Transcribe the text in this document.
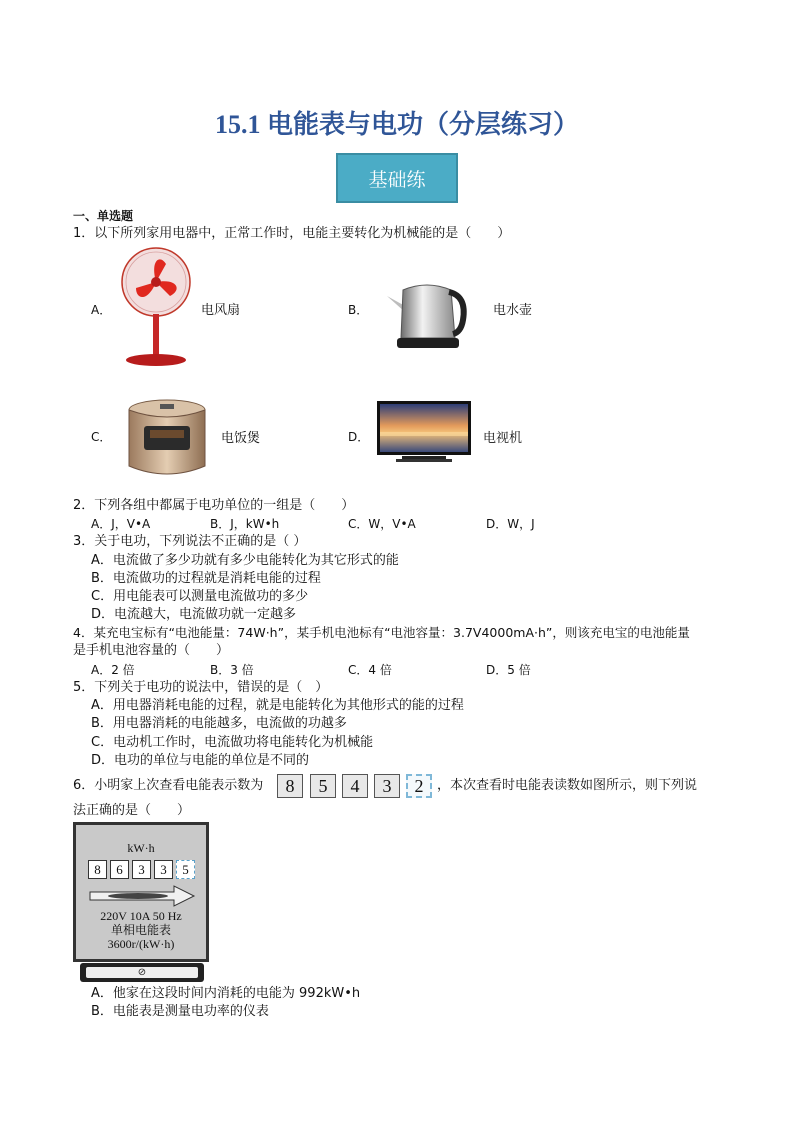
15.1 电能表与电功（分层练习）
基础练
一、单选题
1．以下所列家用电器中，正常工作时，电能主要转化为机械能的是（　　）
A．	电风扇	B．	电水壶
C．	电饭煲	D．	电视机
2．下列各组中都属于电功单位的一组是（　　）
A．J，V•A	B．J，kW•h	C．W，V•A	D．W，J
3．关于电功，下列说法不正确的是（ ）
A．电流做了多少功就有多少电能转化为其它形式的能
B．电流做功的过程就是消耗电能的过程
C．用电能表可以测量电流做功的多少
D．电流越大，电流做功就一定越多
4．某充电宝标有“电池能量：74W·h”，某手机电池标有“电池容量：3.7V4000mA·h”，则该充电宝的电池能量
是手机电池容量的（　　）
A．2 倍	B．3 倍	C．4 倍	D．5 倍
5．下列关于电功的说法中，错误的是（　）
A．用电器消耗电能的过程，就是电能转化为其他形式的能的过程
B．用电器消耗的电能越多，电流做的功越多
C．电动机工作时，电流做功将电能转化为机械能
D．电功的单位与电能的单位是不同的
6．小明家上次查看电能表示数为	8	5	4	3	2	，本次查看时电能表读数如图所示，则下列说
法正确的是（　　）
kW·h
8	6	3	3	5
220V 10A 50 Hz
单相电能表
3600r/(kW·h)
⊘
A．他家在这段时间内消耗的电能为 992kW•h
B．电能表是测量电功率的仪表
